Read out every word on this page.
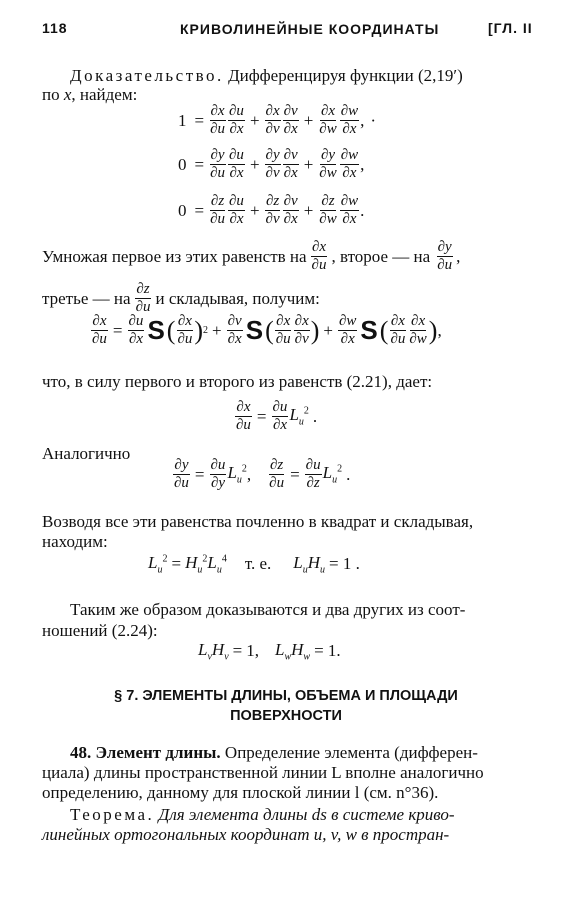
118	КРИВОЛИНЕЙНЫЕ КООРДИНАТЫ	[ГЛ. II
Доказательство. Дифференцируя функции (2,19′)
по x, найдем:
$1 = \frac{\partial x}{\partial u} \frac{\partial u}{\partial x} + \frac{\partial x}{\partial v} \frac{\partial v}{\partial x} + \frac{\partial x}{\partial w} \frac{\partial w}{\partial x}$ , ·
$0 = \frac{\partial y}{\partial u} \frac{\partial u}{\partial x} + \frac{\partial y}{\partial v} \frac{\partial v}{\partial x} + \frac{\partial y}{\partial w} \frac{\partial w}{\partial x}$ ,
$0 = \frac{\partial z}{\partial u} \frac{\partial u}{\partial x} + \frac{\partial z}{\partial v} \frac{\partial v}{\partial x} + \frac{\partial z}{\partial w} \frac{\partial w}{\partial x}$ .
Умножая первое из этих равенств на $\frac{\partial x}{\partial u}$ , второе — на $\frac{\partial y}{\partial u}$ ,
третье — на $\frac{\partial z}{\partial u}$ и складывая, получим:
$\frac{\partial x}{\partial u} = \frac{\partial u}{\partial x}$ S ( $\frac{\partial x}{\partial u}$ ) $2 + \frac{\partial v}{\partial x}$ S ( $\frac{\partial x}{\partial u} \frac{\partial x}{\partial v}$ ) + $\frac{\partial w}{\partial x}$ S ( $\frac{\partial x}{\partial u} \frac{\partial x}{\partial w}$ ) ,
что, в силу первого и второго из равенств (2.21), дает:
$\frac{\partial x}{\partial u} = \frac{\partial u}{\partial x} L_u^2$ .
Аналогично
$\frac{\partial y}{\partial u} = \frac{\partial u}{\partial y} L_u^2$ , $\frac{\partial z}{\partial u} = \frac{\partial u}{\partial z} L_u^2$ .
Возводя все эти равенства почленно в квадрат и складывая,
находим:
$L_u^2 = H_u^2L_u^4$ т. е. $L_uH_u = 1$ .
Таким же образом доказываются и два других из соот-
ношений (2.24):
$L_vH_v = 1$ , $L_wH_w = 1$.
§ 7. ЭЛЕМЕНТЫ ДЛИНЫ, ОБЪЕМА И ПЛОЩАДИ
ПОВЕРХНОСТИ
48. Элемент длины. Определение элемента (дифферен-
циала) длины пространственной линии L вполне аналогично
определению, данному для плоской линии l (см. n°36).
Теорема. Для элемента длины ds в системе криво-
линейных ортогональных координат u, v, w в простран-
